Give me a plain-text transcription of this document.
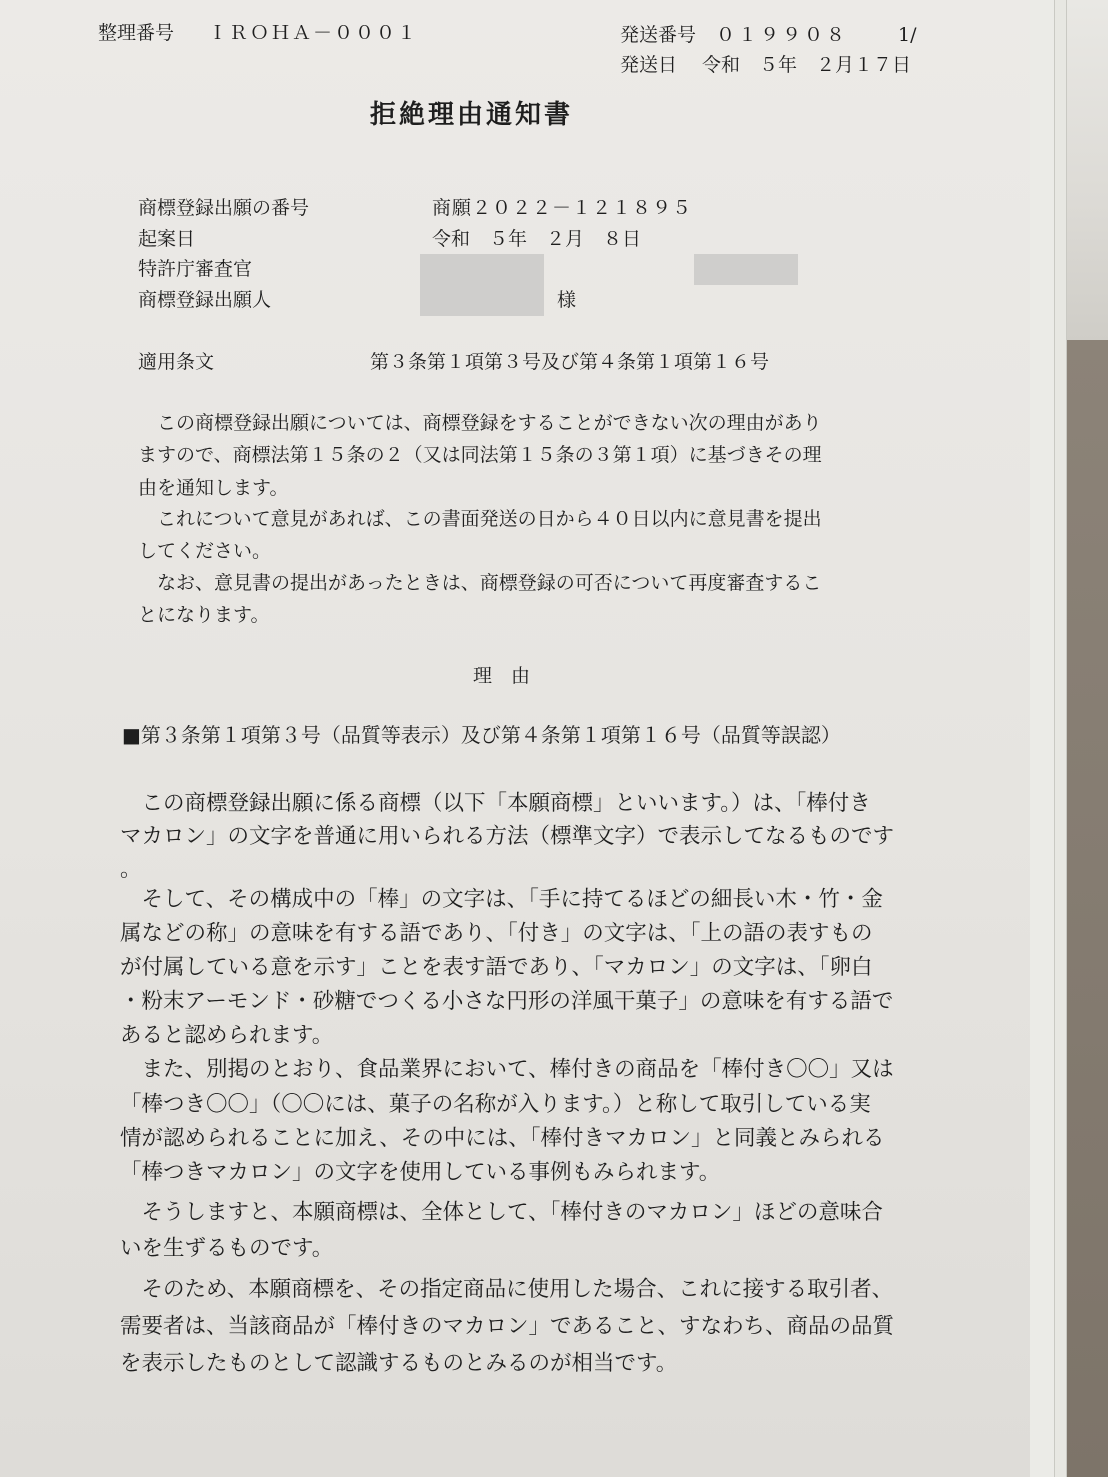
整理番号 ＩＲＯＨＡ－０００１	発送番号 ０１９９０８	1/
発送日 令和　５年　２月１７日
拒絶理由通知書
商標登録出願の番号	商願２０２２－１２１８９５
起案日	令和　５年　２月　８日
特許庁審査官
商標登録出願人	様
適用条文	第３条第１項第３号及び第４条第１項第１６号
　この商標登録出願については、商標登録をすることができない次の理由があり
ますので、商標法第１５条の２（又は同法第１５条の３第１項）に基づきその理
由を通知します。
　これについて意見があれば、この書面発送の日から４０日以内に意見書を提出
してください。
　なお、意見書の提出があったときは、商標登録の可否について再度審査するこ
とになります。
理　由
■第３条第１項第３号（品質等表示）及び第４条第１項第１６号（品質等誤認）
　この商標登録出願に係る商標（以下「本願商標」といいます。）は、「棒付き
マカロン」の文字を普通に用いられる方法（標準文字）で表示してなるものです
。
　そして、その構成中の「棒」の文字は、「手に持てるほどの細長い木・竹・金
属などの称」の意味を有する語であり、「付き」の文字は、「上の語の表すもの
が付属している意を示す」ことを表す語であり、「マカロン」の文字は、「卵白
・粉末アーモンド・砂糖でつくる小さな円形の洋風干菓子」の意味を有する語で
あると認められます。
　また、別掲のとおり、食品業界において、棒付きの商品を「棒付き〇〇」又は
「棒つき〇〇」（〇〇には、菓子の名称が入ります。）と称して取引している実
情が認められることに加え、その中には、「棒付きマカロン」と同義とみられる
「棒つきマカロン」の文字を使用している事例もみられます。
　そうしますと、本願商標は、全体として、「棒付きのマカロン」ほどの意味合
いを生ずるものです。
　そのため、本願商標を、その指定商品に使用した場合、これに接する取引者、
需要者は、当該商品が「棒付きのマカロン」であること、すなわち、商品の品質
を表示したものとして認識するものとみるのが相当です。
